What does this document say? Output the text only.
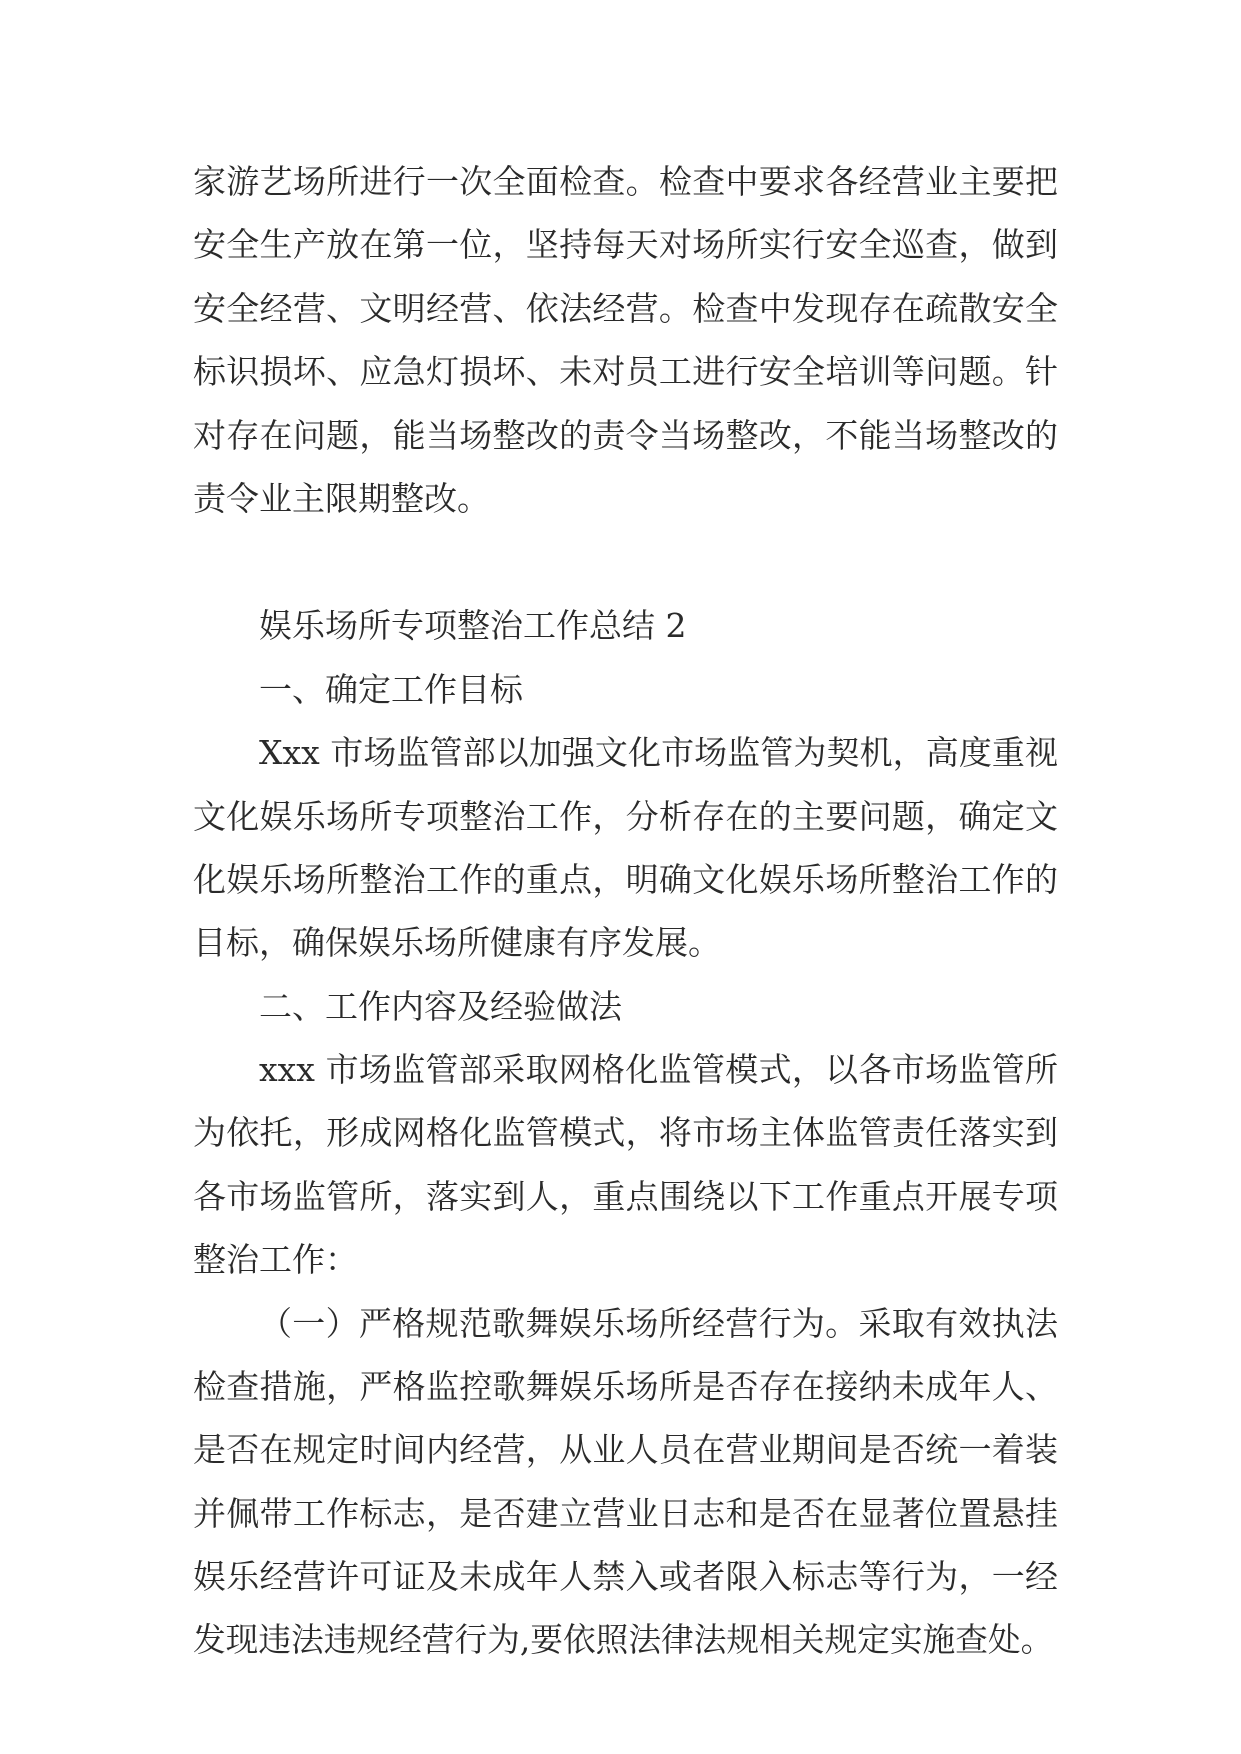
家游艺场所进行一次全面检查。检查中要求各经营业主要把
安全生产放在第一位，坚持每天对场所实行安全巡查，做到
安全经营、文明经营、依法经营。检查中发现存在疏散安全
标识损坏、应急灯损坏、未对员工进行安全培训等问题。针
对存在问题，能当场整改的责令当场整改，不能当场整改的
责令业主限期整改。
娱乐场所专项整治工作总结 2
一、确定工作目标
Xxx 市场监管部以加强文化市场监管为契机，高度重视
文化娱乐场所专项整治工作，分析存在的主要问题，确定文
化娱乐场所整治工作的重点，明确文化娱乐场所整治工作的
目标，确保娱乐场所健康有序发展。
二、工作内容及经验做法
xxx 市场监管部采取网格化监管模式，以各市场监管所
为依托，形成网格化监管模式，将市场主体监管责任落实到
各市场监管所，落实到人，重点围绕以下工作重点开展专项
整治工作：
（一）严格规范歌舞娱乐场所经营行为。采取有效执法
检查措施，严格监控歌舞娱乐场所是否存在接纳未成年人、
是否在规定时间内经营，从业人员在营业期间是否统一着装
并佩带工作标志，是否建立营业日志和是否在显著位置悬挂
娱乐经营许可证及未成年人禁入或者限入标志等行为，一经
发现违法违规经营行为,要依照法律法规相关规定实施查处。
